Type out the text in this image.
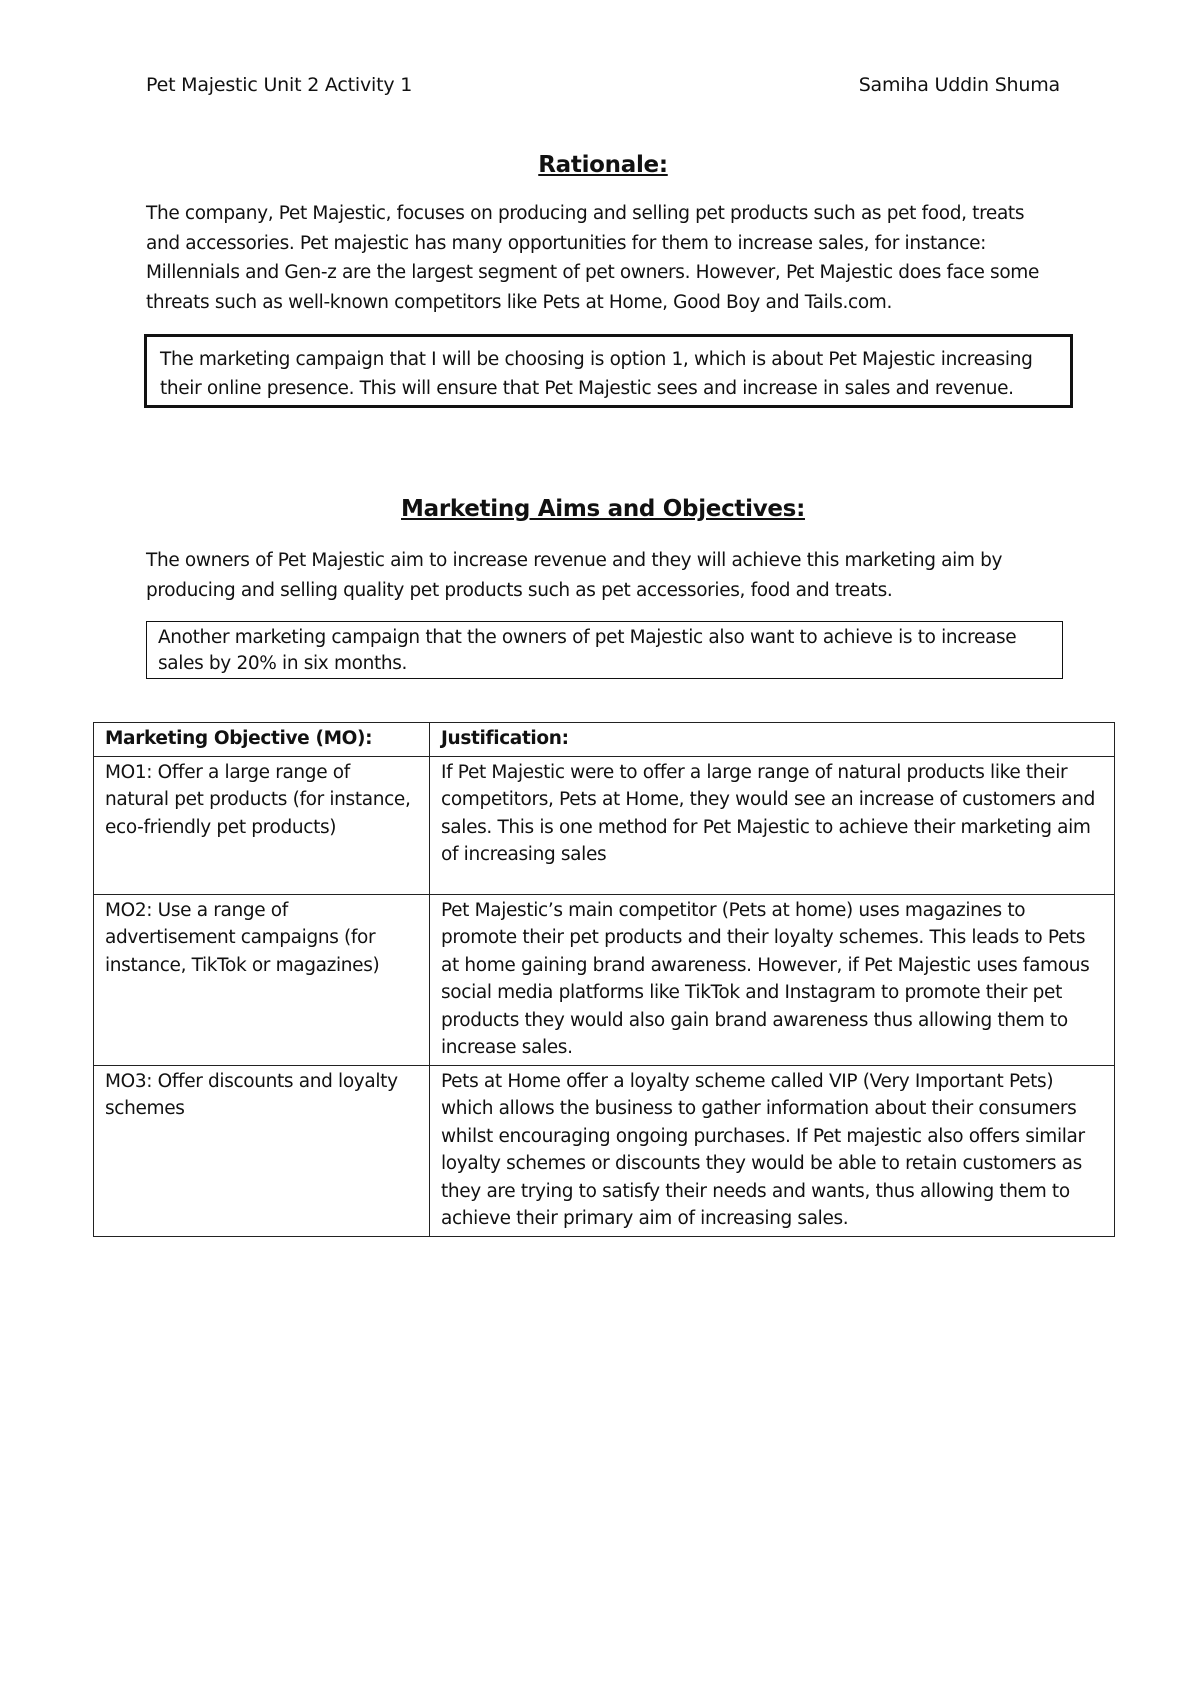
Pet Majestic Unit 2 Activity 1	Samiha Uddin Shuma
Rationale:
The company, Pet Majestic, focuses on producing and selling pet products such as pet food, treats and accessories. Pet majestic has many opportunities for them to increase sales, for instance: Millennials and Gen-z are the largest segment of pet owners. However, Pet Majestic does face some threats such as well-known competitors like Pets at Home, Good Boy and Tails.com.
The marketing campaign that I will be choosing is option 1, which is about Pet Majestic increasing their online presence. This will ensure that Pet Majestic sees and increase in sales and revenue.
Marketing Aims and Objectives:
The owners of Pet Majestic aim to increase revenue and they will achieve this marketing aim by producing and selling quality pet products such as pet accessories, food and treats.
Another marketing campaign that the owners of pet Majestic also want to achieve is to increase sales by 20% in six months.
Marketing Objective (MO):	Justification:
MO1: Offer a large range of natural pet products (for instance, eco-friendly pet products)	If Pet Majestic were to offer a large range of natural products like their competitors, Pets at Home, they would see an increase of customers and sales. This is one method for Pet Majestic to achieve their marketing aim of increasing sales
MO2: Use a range of advertisement campaigns (for instance, TikTok or magazines)	Pet Majestic’s main competitor (Pets at home) uses magazines to promote their pet products and their loyalty schemes. This leads to Pets at home gaining brand awareness. However, if Pet Majestic uses famous social media platforms like TikTok and Instagram to promote their pet products they would also gain brand awareness thus allowing them to increase sales.
MO3: Offer discounts and loyalty schemes	Pets at Home offer a loyalty scheme called VIP (Very Important Pets) which allows the business to gather information about their consumers whilst encouraging ongoing purchases. If Pet majestic also offers similar loyalty schemes or discounts they would be able to retain customers as they are trying to satisfy their needs and wants, thus allowing them to achieve their primary aim of increasing sales.
